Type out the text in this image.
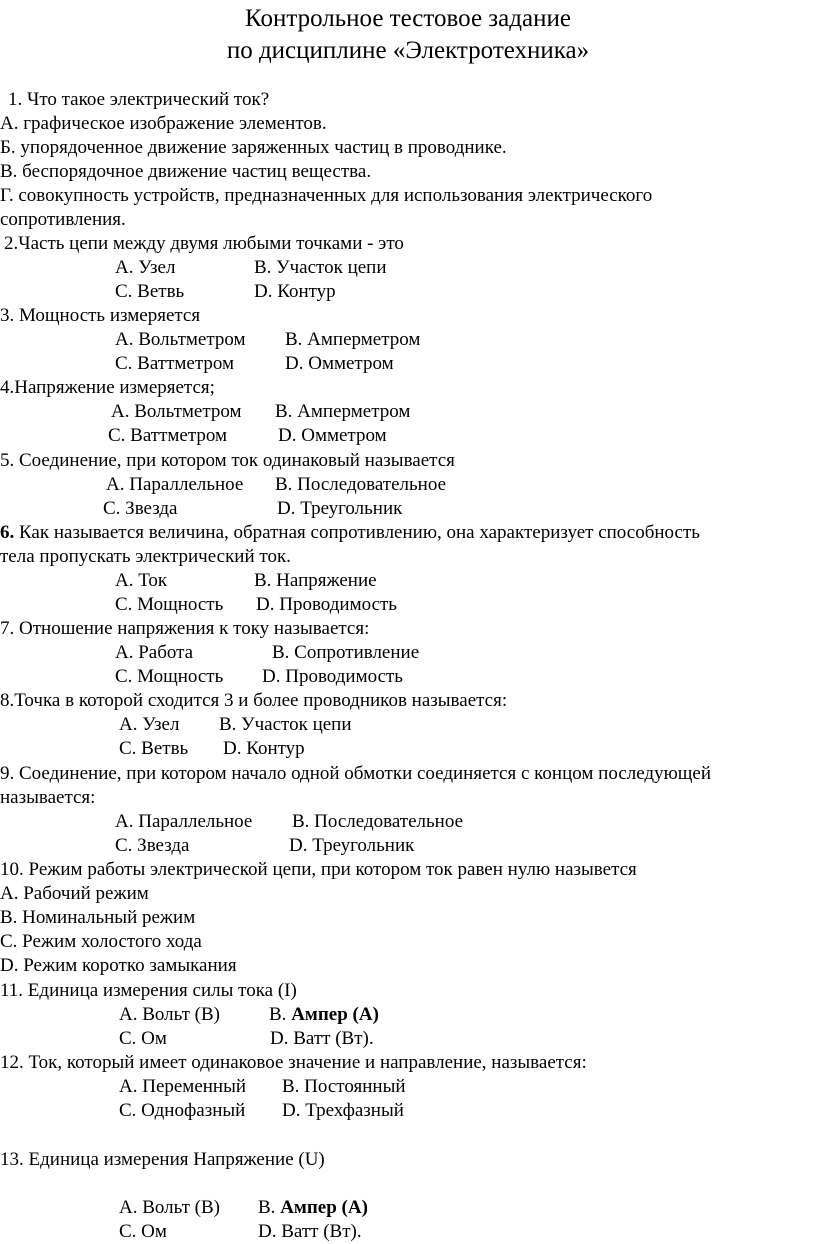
Контрольное тестовое задание
по дисциплине «Электротехника»
1. Что такое электрический ток?
А. графическое изображение элементов.
Б. упорядоченное движение заряженных частиц в проводнике.
В. беспорядочное движение частиц вещества.
Г. совокупность устройств, предназначенных для использования электрического
сопротивления.
2.Часть цепи между двумя любыми точками - это
A. Узел	B. Участок цепи
C. Ветвь	D. Контур
3. Мощность измеряется
A. Вольтметром B. Амперметром
C. Ваттметром	D. Омметром
4.Напряжение измеряется;
A. Вольтметром B. Амперметром
C. Ваттметром	D. Омметром
5. Соединение, при котором ток одинаковый называется
A. Параллельное B. Последовательное
C. Звезда	D. Треугольник
6. Как называется величина, обратная сопротивлению, она характеризует способность
тела пропускать электрический ток.
A. Ток	B. Напряжение
C. Мощность D. Проводимость
7. Отношение напряжения к току называется:
A. Работа	B. Сопротивление
C. Мощность D. Проводимость
8.Точка в которой сходится 3 и более проводников называется:
A. Узел B. Участок цепи
C. Ветвь D. Контур
9. Соединение, при котором начало одной обмотки соединяется с концом последующей
называется:
A. Параллельное B. Последовательное
C. Звезда	D. Треугольник
10. Режим работы электрической цепи, при котором ток равен нулю назывется
A. Рабочий режим
B. Номинальный режим
C. Режим холостого хода
D. Режим коротко замыкания
11. Единица измерения силы тока (I)
A. Вольт (В)	B. Ампер (А)
C. Ом	D. Ватт (Вт).
12. Ток, который имеет одинаковое значение и направление, называется:
A. Переменный B. Постоянный
C. Однофазный D. Трехфазный
13. Единица измерения Напряжение (U)
A. Вольт (В) B. Ампер (А)
C. Ом	D. Ватт (Вт).
